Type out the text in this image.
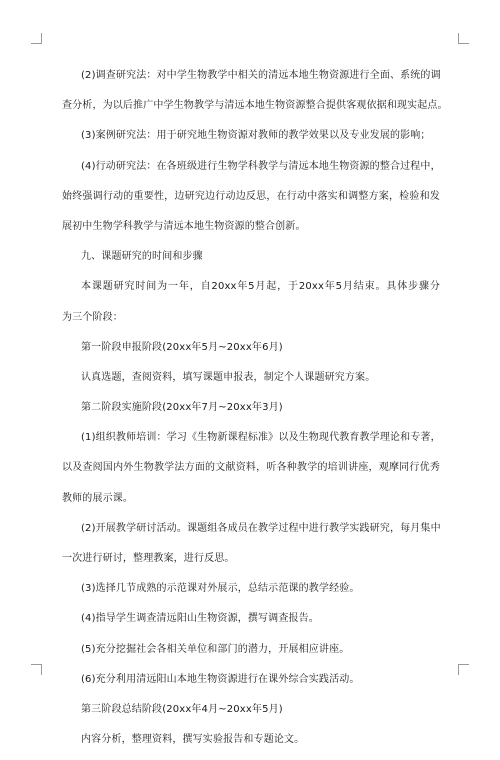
(2)调查研究法：对中学生物教学中相关的清远本地生物资源进行全面、系统的调
查分析，为以后推广中学生物教学与清远本地生物资源整合提供客观依据和现实起点。
(3)案例研究法：用于研究地生物资源对教师的教学效果以及专业发展的影响；
(4)行动研究法：在各班级进行生物学科教学与清远本地生物资源的整合过程中，
始终强调行动的重要性，边研究边行动边反思，在行动中落实和调整方案，检验和发
展初中生物学科教学与清远本地生物资源的整合创新。
九、课题研究的时间和步骤
本课题研究时间为一年，自20xx年5月起，于20xx年5月结束。具体步骤分
为三个阶段：
第一阶段申报阶段(20xx年5月~20xx年6月)
认真选题，查阅资料，填写课题申报表，制定个人课题研究方案。
第二阶段实施阶段(20xx年7月~20xx年3月)
(1)组织教师培训：学习《生物新课程标准》以及生物现代教育教学理论和专著，
以及查阅国内外生物教学法方面的文献资料，听各种教学的培训讲座，观摩同行优秀
教师的展示课。
(2)开展教学研讨活动。课题组各成员在教学过程中进行教学实践研究，每月集中
一次进行研讨，整理教案，进行反思。
(3)选择几节成熟的示范课对外展示，总结示范课的教学经验。
(4)指导学生调查清远阳山生物资源，撰写调查报告。
(5)充分挖掘社会各相关单位和部门的潜力，开展相应讲座。
(6)充分利用清远阳山本地生物资源进行在课外综合实践活动。
第三阶段总结阶段(20xx年4月~20xx年5月)
内容分析，整理资料，撰写实验报告和专题论文。
